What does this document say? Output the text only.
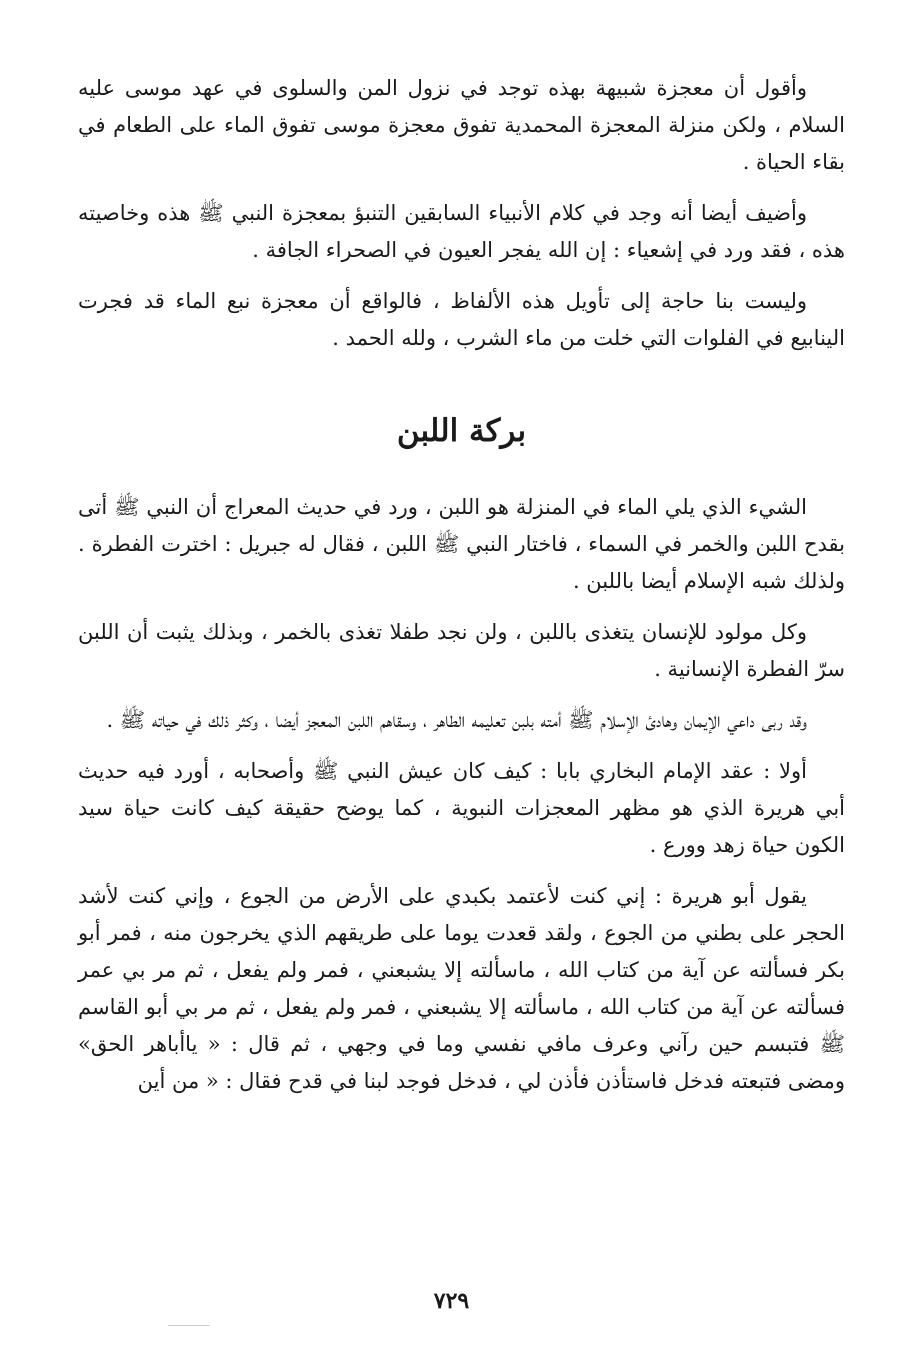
وأقول أن معجزة شبيهة بهذه توجد في نزول المن والسلوى في عهد موسى عليه السلام ، ولكن منزلة المعجزة المحمدية تفوق معجزة موسى تفوق الماء على الطعام في بقاء الحياة .

وأضيف أيضا أنه وجد في كلام الأنبياء السابقين التنبؤ بمعجزة النبي ﷺ هذه وخاصيته هذه ، فقد ورد في إشعياء : إن الله يفجر العيون في الصحراء الجافة .

وليست بنا حاجة إلى تأويل هذه الألفاظ ، فالواقع أن معجزة نبع الماء قد فجرت الينابيع في الفلوات التي خلت من ماء الشرب ، ولله الحمد .

بركة اللبن

الشيء الذي يلي الماء في المنزلة هو اللبن ، ورد في حديث المعراج أن النبي ﷺ أتى بقدح اللبن والخمر في السماء ، فاختار النبي ﷺ اللبن ، فقال له جبريل : اخترت الفطرة . ولذلك شبه الإسلام أيضا باللبن .

وكل مولود للإنسان يتغذى باللبن ، ولن نجد طفلا تغذى بالخمر ، وبذلك يثبت أن اللبن سرّ الفطرة الإنسانية .

وقد ربى داعي الإيمان وهادئ الإسلام ﷺ أمته بلبن تعليمه الطاهر ، وسقاهم اللبن المعجز أيضا ، وكثر ذلك في حياته ﷺ .

أولا : عقد الإمام البخاري بابا : كيف كان عيش النبي ﷺ وأصحابه ، أورد فيه حديث أبي هريرة الذي هو مظهر المعجزات النبوية ، كما يوضح حقيقة كيف كانت حياة سيد الكون حياة زهد وورع .

يقول أبو هريرة : إني كنت لأعتمد بكبدي على الأرض من الجوع ، وإني كنت لأشد الحجر على بطني من الجوع ، ولقد قعدت يوما على طريقهم الذي يخرجون منه ، فمر أبو بكر فسألته عن آية من كتاب الله ، ماسألته إلا يشبعني ، فمر ولم يفعل ، ثم مر بي عمر فسألته عن آية من كتاب الله ، ماسألته إلا يشبعني ، فمر ولم يفعل ، ثم مر بي أبو القاسم ﷺ فتبسم حين رآني وعرف مافي نفسي وما في وجهي ، ثم قال : « ياأباهر الحق» ومضى فتبعته فدخل فاستأذن فأذن لي ، فدخل فوجد لبنا في قدح فقال : « من أين

٧٢٩
